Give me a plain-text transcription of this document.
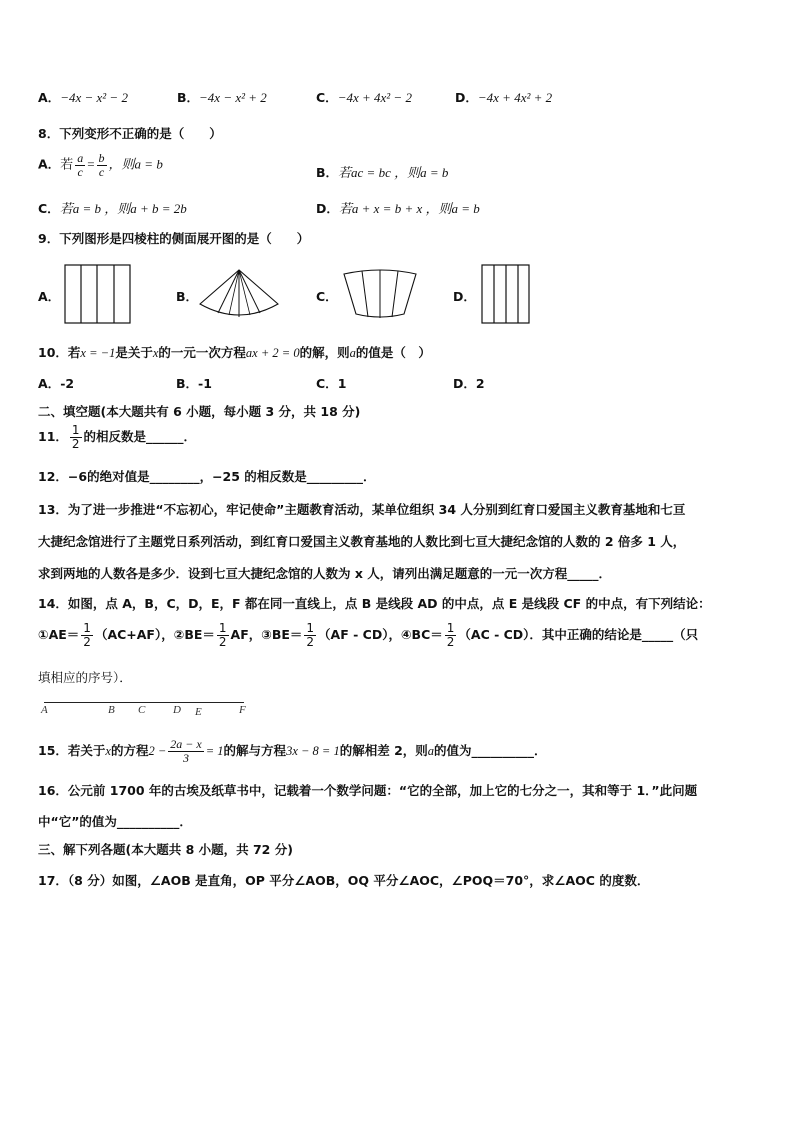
A．−4x − x² − 2	B．−4x − x² + 2	C．−4x + 4x² − 2	D．−4x + 4x² + 2
8．下列变形不正确的是（　　）
A．若 $\frac{a}{c} = \frac{b}{c}$ ，则a = b
B．若ac = bc ，则a = b
C．若a = b ，则a + b = 2b	D．若a + x = b + x ，则a = b
9．下列图形是四棱柱的侧面展开图的是（　　）
A．	B．	C．	D．
10．若x = −1是关于x的一元一次方程ax + 2 = 0的解，则a的值是（　）
A．-2	B．-1	C．1	D．2
二、填空题(本大题共有 6 小题，每小题 3 分，共 18 分)
11． $\frac{1}{2}$ 的相反数是______．
12．−6的绝对值是________，−25 的相反数是_________．
13．为了进一步推进“不忘初心，牢记使命”主题教育活动，某单位组织 34 人分别到红育口爱国主义教育基地和七亘
大捷纪念馆进行了主题党日系列活动，到红育口爱国主义教育基地的人数比到七亘大捷纪念馆的人数的 2 倍多 1 人，
求到两地的人数各是多少．设到七亘大捷纪念馆的人数为 x 人，请列出满足题意的一元一次方程_____．
14．如图，点 A，B，C，D，E，F 都在同一直线上，点 B 是线段 AD 的中点，点 E 是线段 CF 的中点，有下列结论：
①AE＝ $\frac{1}{2} (AC+AF)$，②BE＝ $\frac{1}{2}$ AF，③BE＝ $\frac{1}{2} (AF - CD)$，④BC＝ $\frac{1}{2} (AC - CD)$．其中正确的结论是_____（只
填相应的序号）．
A	B C	D E	F
15．若关于x的方程$2 - \frac{2a - x}{3} = 1$的解与方程3x − 8 = 1的解相差 2，则a的值为__________．
16．公元前 1700 年的古埃及纸草书中，记载着一个数学问题：“它的全部，加上它的七分之一，其和等于 1．”此问题
中“它”的值为__________．
三、解下列各题(本大题共 8 小题，共 72 分)
17．（8 分）如图，∠AOB 是直角，OP 平分∠AOB，OQ 平分∠AOC，∠POQ＝70°，求∠AOC 的度数．
